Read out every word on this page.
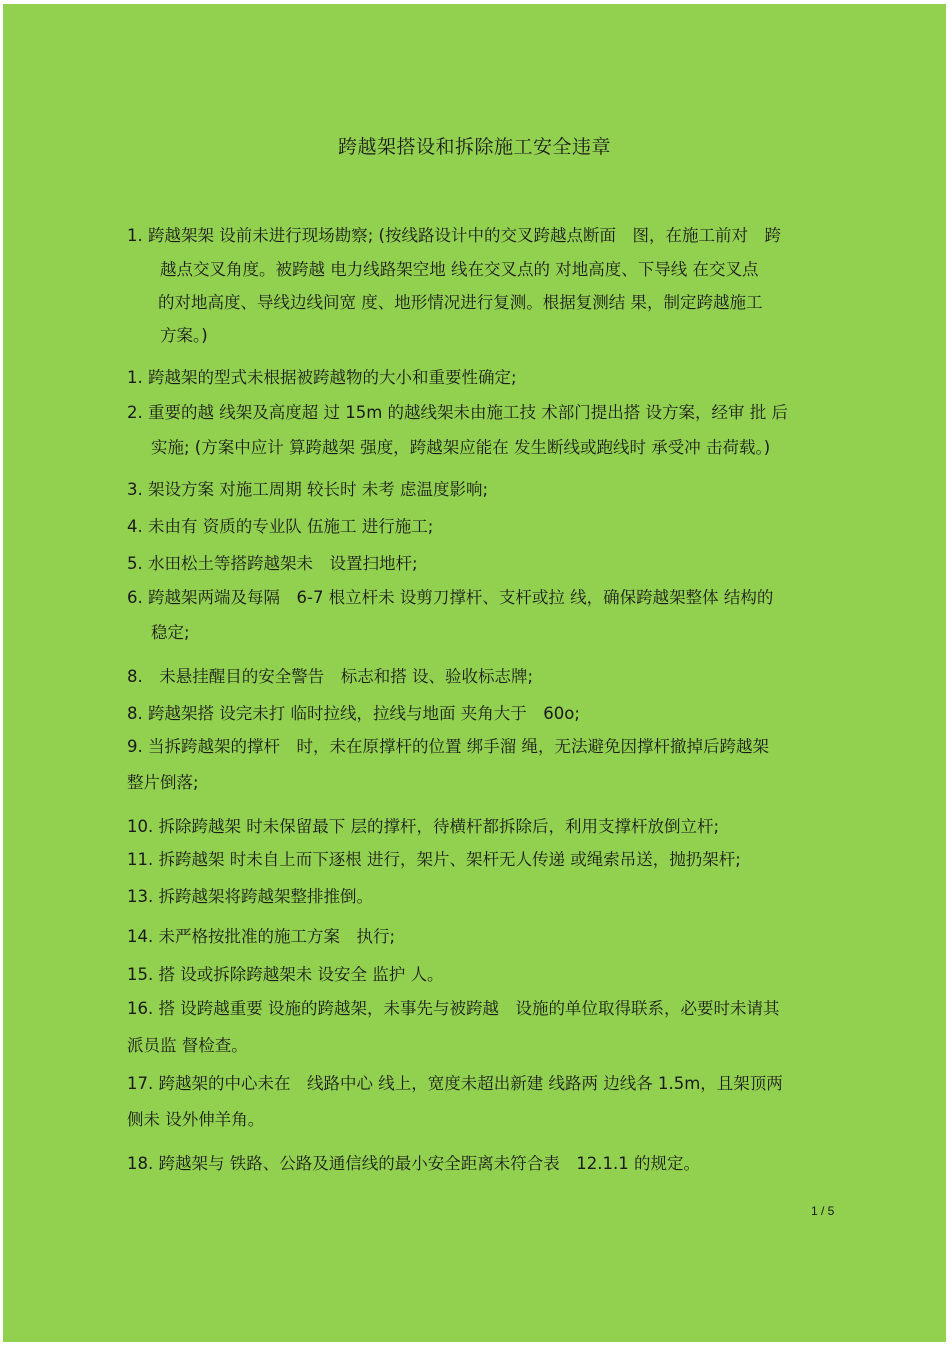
跨越架搭设和拆除施工安全违章
1. 跨越架架 设前未进行现场勘察; (按线路设计中的交叉跨越点断面　图，在施工前对　跨
越点交叉角度。被跨越 电力线路架空地 线在交叉点的 对地高度、下导线 在交叉点
的对地高度、导线边线间宽 度、地形情况进行复测。根据复测结 果，制定跨越施工
方案。)
1. 跨越架的型式未根据被跨越物的大小和重要性确定;
2. 重要的越 线架及高度超 过 15m 的越线架未由施工技 术部门提出搭 设方案，经审 批 后
实施; (方案中应计 算跨越架 强度，跨越架应能在 发生断线或跑线时 承受冲 击荷载。)
3. 架设方案 对施工周期 较长时 未考 虑温度影响;
4. 未由有 资质的专业队 伍施工 进行施工;
5. 水田松土等搭跨越架未　设置扫地杆;
6. 跨越架两端及每隔　6-7 根立杆未 设剪刀撑杆、支杆或拉 线，确保跨越架整体 结构的
稳定;
8.　未悬挂醒目的安全警告　标志和搭 设、验收标志牌;
8. 跨越架搭 设完未打 临时拉线，拉线与地面 夹角大于　60o;
9. 当拆跨越架的撑杆　时，未在原撑杆的位置 绑手溜 绳，无法避免因撑杆撤掉后跨越架
整片倒落;
10. 拆除跨越架 时未保留最下 层的撑杆，待横杆都拆除后，利用支撑杆放倒立杆;
11. 拆跨越架 时未自上而下逐根 进行，架片、架杆无人传递 或绳索吊送，抛扔架杆;
13. 拆跨越架将跨越架整排推倒。
14. 未严格按批准的施工方案　执行;
15. 搭 设或拆除跨越架未 设安全 监护 人。
16. 搭 设跨越重要 设施的跨越架，未事先与被跨越　设施的单位取得联系，必要时未请其
派员监 督检查。
17. 跨越架的中心未在　线路中心 线上，宽度未超出新建 线路两 边线各 1.5m，且架顶两
侧未 设外伸羊角。
18. 跨越架与 铁路、公路及通信线的最小安全距离未符合表　12.1.1 的规定。
1 / 5
